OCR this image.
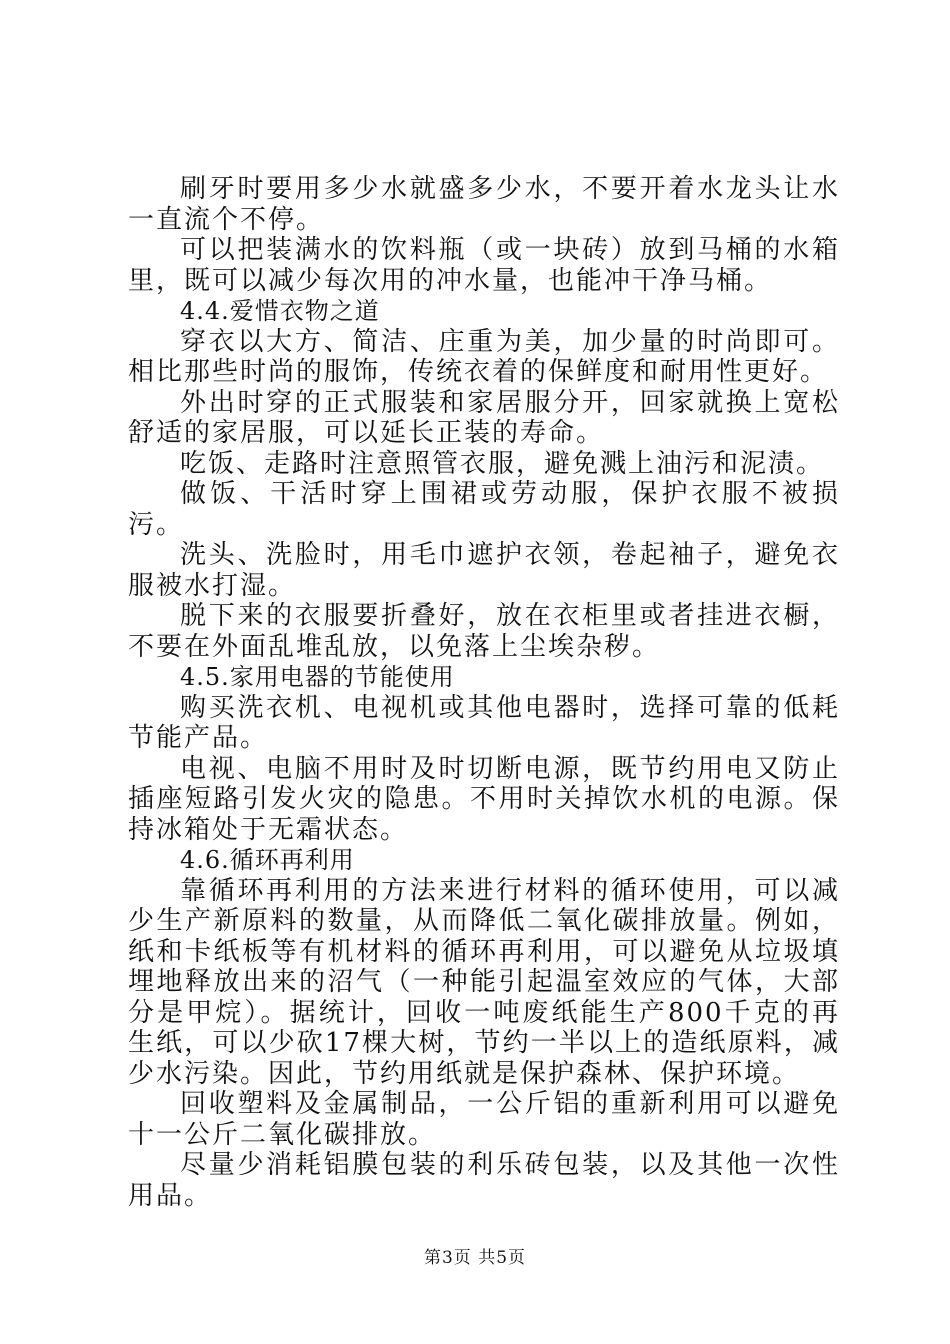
刷牙时要用多少水就盛多少水，不要开着水龙头让水一直流个不停。

可以把装满水的饮料瓶（或一块砖）放到马桶的水箱里，既可以减少每次用的冲水量，也能冲干净马桶。

4.4.爱惜衣物之道

穿衣以大方、简洁、庄重为美，加少量的时尚即可。相比那些时尚的服饰，传统衣着的保鲜度和耐用性更好。

外出时穿的正式服装和家居服分开，回家就换上宽松舒适的家居服，可以延长正装的寿命。

吃饭、走路时注意照管衣服，避免溅上油污和泥渍。

做饭、干活时穿上围裙或劳动服，保护衣服不被损污。

洗头、洗脸时，用毛巾遮护衣领，卷起袖子，避免衣服被水打湿。

脱下来的衣服要折叠好，放在衣柜里或者挂进衣橱，不要在外面乱堆乱放，以免落上尘埃杂秽。

4.5.家用电器的节能使用

购买洗衣机、电视机或其他电器时，选择可靠的低耗节能产品。

电视、电脑不用时及时切断电源，既节约用电又防止插座短路引发火灾的隐患。不用时关掉饮水机的电源。保持冰箱处于无霜状态。

4.6.循环再利用

靠循环再利用的方法来进行材料的循环使用，可以减少生产新原料的数量，从而降低二氧化碳排放量。例如，纸和卡纸板等有机材料的循环再利用，可以避免从垃圾填埋地释放出来的沼气（一种能引起温室效应的气体，大部分是甲烷）。据统计，回收一吨废纸能生产800千克的再生纸，可以少砍17棵大树，节约一半以上的造纸原料，减少水污染。因此，节约用纸就是保护森林、保护环境。

回收塑料及金属制品，一公斤铝的重新利用可以避免十一公斤二氧化碳排放。

尽量少消耗铝膜包装的利乐砖包装，以及其他一次性用品。

第3页 共5页
